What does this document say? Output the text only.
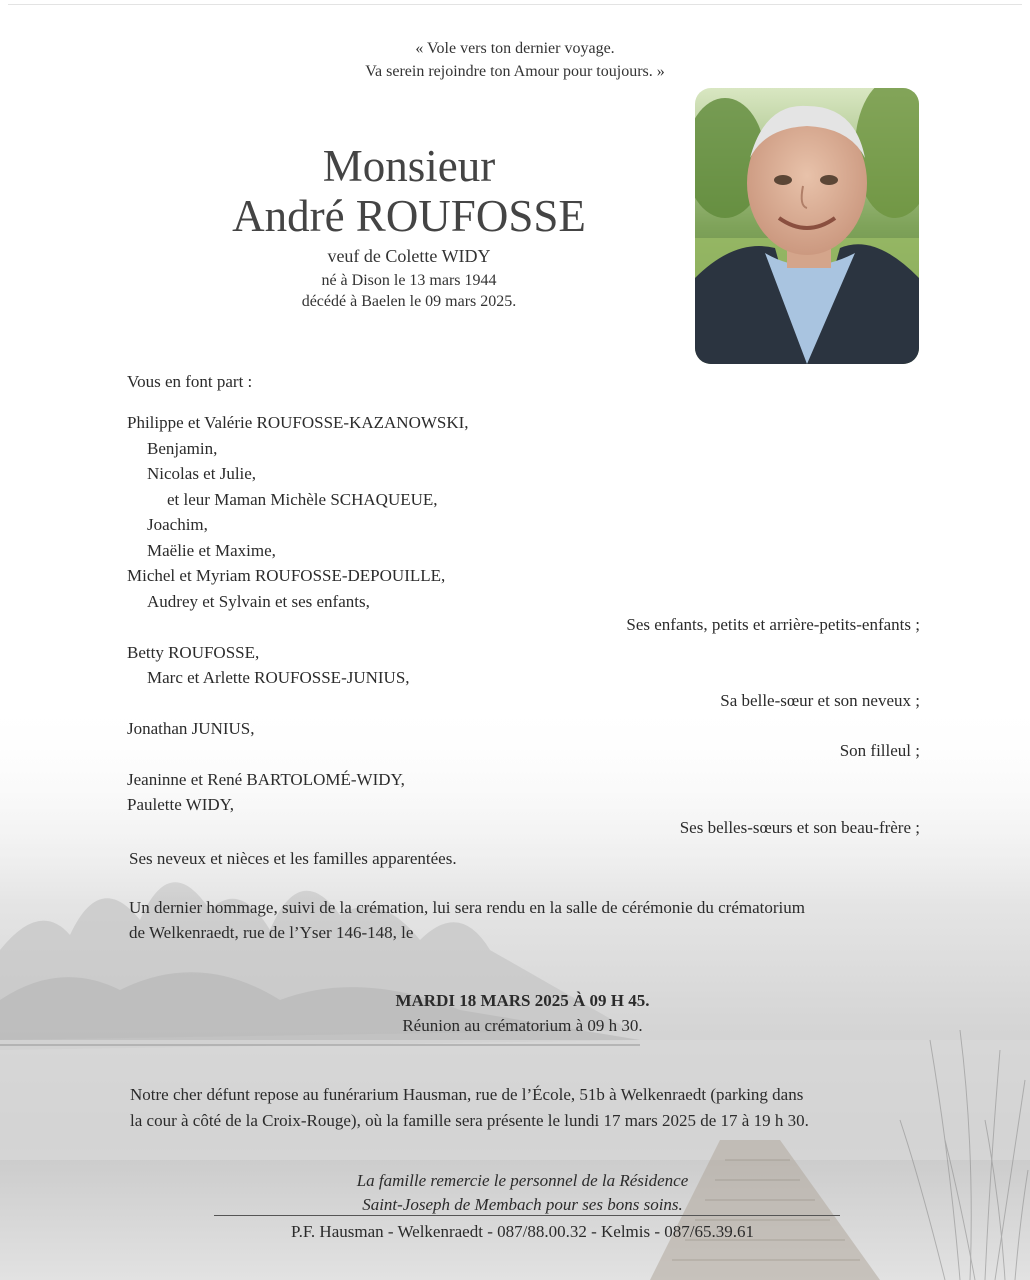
« Vole vers ton dernier voyage.
Va serein rejoindre ton Amour pour toujours. »
Monsieur
André ROUFOSSE
veuf de Colette WIDY
né à Dison le 13 mars 1944
décédé à Baelen le 09 mars 2025.
Vous en font part :
Philippe et Valérie ROUFOSSE-KAZANOWSKI,
Benjamin,
Nicolas et Julie,
et leur Maman Michèle SCHAQUEUE,
Joachim,
Maëlie et Maxime,
Michel et Myriam ROUFOSSE-DEPOUILLE,
Audrey et Sylvain et ses enfants,
Ses enfants, petits et arrière-petits-enfants ;
Betty ROUFOSSE,
Marc et Arlette ROUFOSSE-JUNIUS,
Sa belle-sœur et son neveux ;
Jonathan JUNIUS,
Son filleul ;
Jeaninne et René BARTOLOMÉ-WIDY,
Paulette WIDY,
Ses belles-sœurs et son beau-frère ;
Ses neveux et nièces et les familles apparentées.
Un dernier hommage, suivi de la crémation, lui sera rendu en la salle de cérémonie du crématorium
de Welkenraedt, rue de l’Yser 146-148, le
MARDI 18 MARS 2025 À 09 H 45.
Réunion au crématorium à 09 h 30.
Notre cher défunt repose au funérarium Hausman, rue de l’École, 51b à Welkenraedt (parking dans
la cour à côté de la Croix-Rouge), où la famille sera présente le lundi 17 mars 2025 de 17 à 19 h 30.
La famille remercie le personnel de la Résidence
Saint-Joseph de Membach pour ses bons soins.
P.F. Hausman - Welkenraedt - 087/88.00.32 - Kelmis - 087/65.39.61
